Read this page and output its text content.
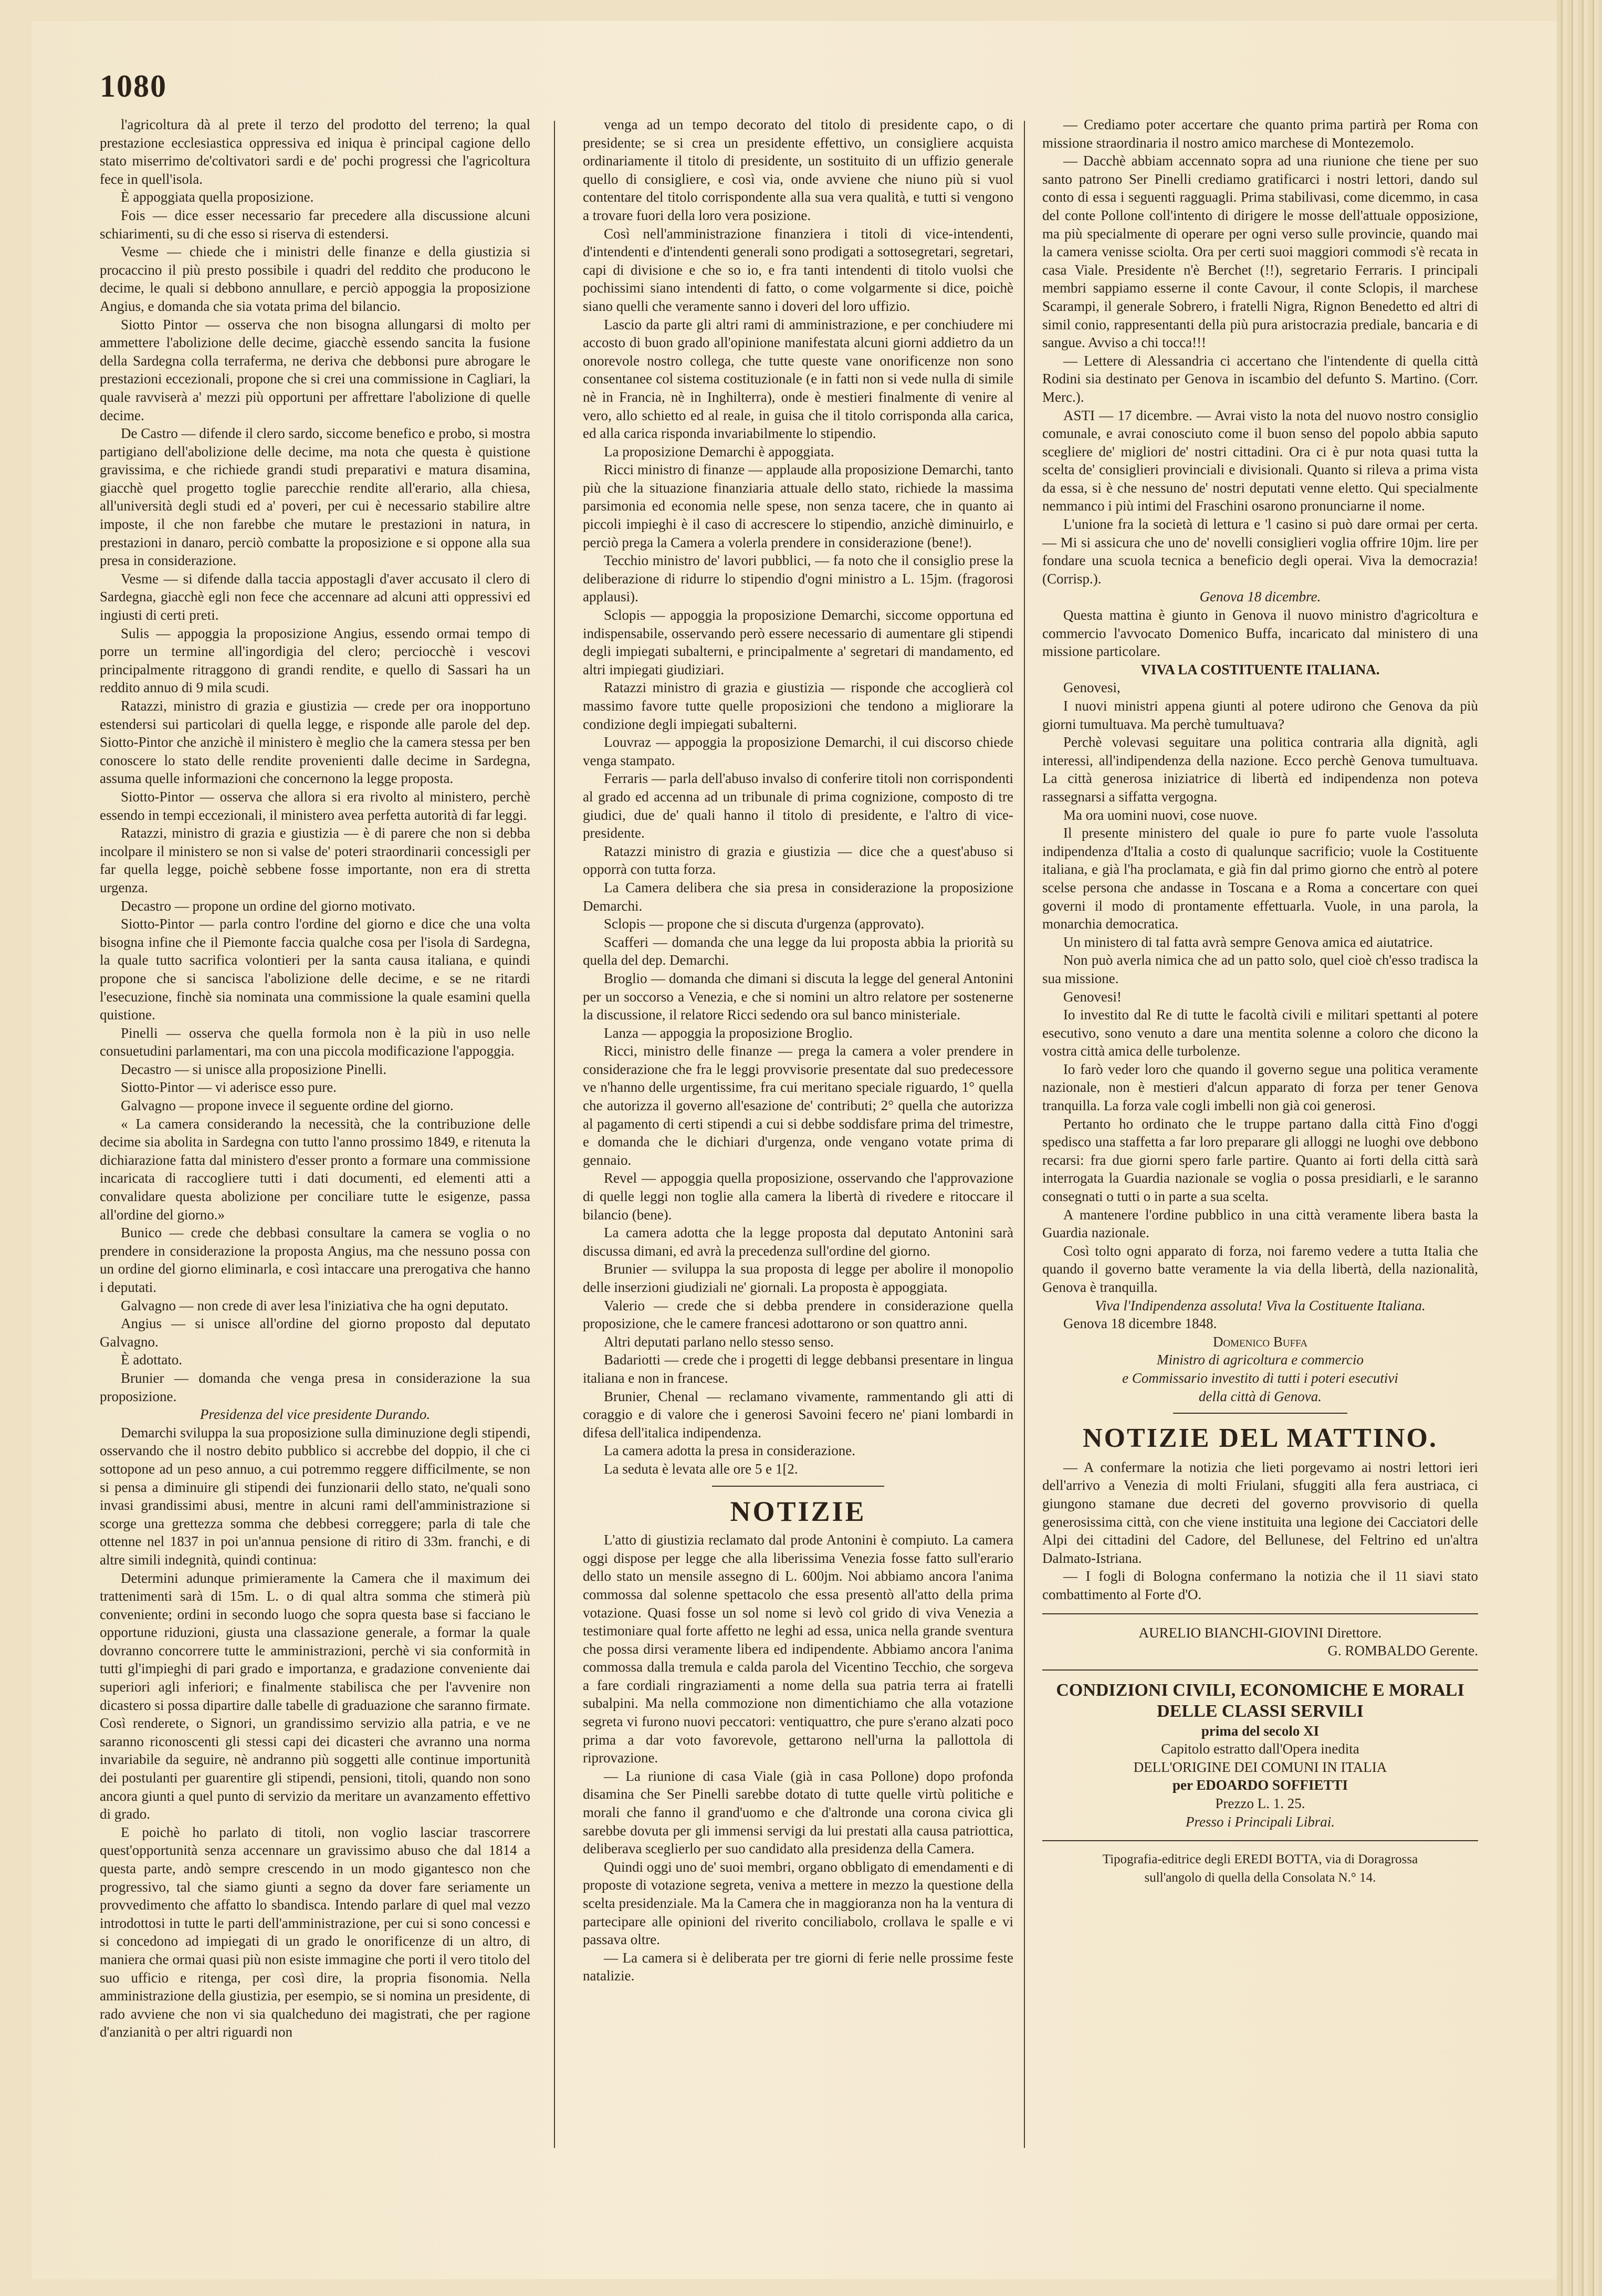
1080

l'agricoltura dà al prete il terzo del prodotto del terreno; la qual prestazione ecclesiastica oppressiva ed iniqua è principal cagione dello stato miserrimo de'coltivatori sardi e de' pochi progressi che l'agricoltura fece in quell'isola.

È appoggiata quella proposizione.

Fois — dice esser necessario far precedere alla discussione alcuni schiarimenti, su di che esso si riserva di estendersi.

Vesme — chiede che i ministri delle finanze e della giustizia si procaccino il più presto possibile i quadri del reddito che producono le decime, le quali si debbono annullare, e perciò appoggia la proposizione Angius, e domanda che sia votata prima del bilancio.

Siotto Pintor — osserva che non bisogna allungarsi di molto per ammettere l'abolizione delle decime, giacchè essendo sancita la fusione della Sardegna colla terraferma, ne deriva che debbonsi pure abrogare le prestazioni eccezionali, propone che si crei una commissione in Cagliari, la quale ravviserà a' mezzi più opportuni per affrettare l'abolizione di quelle decime.

De Castro — difende il clero sardo, siccome benefico e probo, si mostra partigiano dell'abolizione delle decime, ma nota che questa è quistione gravissima, e che richiede grandi studi preparativi e matura disamina, giacchè quel progetto toglie parecchie rendite all'erario, alla chiesa, all'università degli studi ed a' poveri, per cui è necessario stabilire altre imposte, il che non farebbe che mutare le prestazioni in natura, in prestazioni in danaro, perciò combatte la proposizione e si oppone alla sua presa in considerazione.

Vesme — si difende dalla taccia appostagli d'aver accusato il clero di Sardegna, giacchè egli non fece che accennare ad alcuni atti oppressivi ed ingiusti di certi preti.

Sulis — appoggia la proposizione Angius, essendo ormai tempo di porre un termine all'ingordigia del clero; perciocchè i vescovi principalmente ritraggono di grandi rendite, e quello di Sassari ha un reddito annuo di 9 mila scudi.

Ratazzi, ministro di grazia e giustizia — crede per ora inopportuno estendersi sui particolari di quella legge, e risponde alle parole del dep. Siotto-Pintor che anzichè il ministero è meglio che la camera stessa per ben conoscere lo stato delle rendite provenienti dalle decime in Sardegna, assuma quelle informazioni che concernono la legge proposta.

Siotto-Pintor — osserva che allora si era rivolto al ministero, perchè essendo in tempi eccezionali, il ministero avea perfetta autorità di far leggi.

Ratazzi, ministro di grazia e giustizia — è di parere che non si debba incolpare il ministero se non si valse de' poteri straordinarii concessigli per far quella legge, poichè sebbene fosse importante, non era di stretta urgenza.

Decastro — propone un ordine del giorno motivato.

Siotto-Pintor — parla contro l'ordine del giorno e dice che una volta bisogna infine che il Piemonte faccia qualche cosa per l'isola di Sardegna, la quale tutto sacrifica volontieri per la santa causa italiana, e quindi propone che si sancisca l'abolizione delle decime, e se ne ritardi l'esecuzione, finchè sia nominata una commissione la quale esamini quella quistione.

Pinelli — osserva che quella formola non è la più in uso nelle consuetudini parlamentari, ma con una piccola modificazione l'appoggia.

Decastro — si unisce alla proposizione Pinelli.

Siotto-Pintor — vi aderisce esso pure.

Galvagno — propone invece il seguente ordine del giorno.

« La camera considerando la necessità, che la contribuzione delle decime sia abolita in Sardegna con tutto l'anno prossimo 1849, e ritenuta la dichiarazione fatta dal ministero d'esser pronto a formare una commissione incaricata di raccogliere tutti i dati documenti, ed elementi atti a convalidare questa abolizione per conciliare tutte le esigenze, passa all'ordine del giorno.»

Bunico — crede che debbasi consultare la camera se voglia o no prendere in considerazione la proposta Angius, ma che nessuno possa con un ordine del giorno eliminarla, e così intaccare una prerogativa che hanno i deputati.

Galvagno — non crede di aver lesa l'iniziativa che ha ogni deputato.

Angius — si unisce all'ordine del giorno proposto dal deputato Galvagno.

È adottato.

Brunier — domanda che venga presa in considerazione la sua proposizione.

Presidenza del vice presidente Durando.

Demarchi sviluppa la sua proposizione sulla diminuzione degli stipendi, osservando che il nostro debito pubblico si accrebbe del doppio, il che ci sottopone ad un peso annuo, a cui potremmo reggere difficilmente, se non si pensa a diminuire gli stipendi dei funzionarii dello stato, ne'quali sono invasi grandissimi abusi, mentre in alcuni rami dell'amministrazione si scorge una grettezza somma che debbesi correggere; parla di tale che ottenne nel 1837 in poi un'annua pensione di ritiro di 33m. franchi, e di altre simili indegnità, quindi continua:

Determini adunque primieramente la Camera che il maximum dei trattenimenti sarà di 15m. L. o di qual altra somma che stimerà più conveniente; ordini in secondo luogo che sopra questa base si facciano le opportune riduzioni, giusta una classazione generale, a formar la quale dovranno concorrere tutte le amministrazioni, perchè vi sia conformità in tutti gl'impieghi di pari grado e importanza, e gradazione conveniente dai superiori agli inferiori; e finalmente stabilisca che per l'avvenire non dicastero si possa dipartire dalle tabelle di graduazione che saranno firmate. Così renderete, o Signori, un grandissimo servizio alla patria, e ve ne saranno riconoscenti gli stessi capi dei dicasteri che avranno una norma invariabile da seguire, nè andranno più soggetti alle continue importunità dei postulanti per guarentire gli stipendi, pensioni, titoli, quando non sono ancora giunti a quel punto di servizio da meritare un avanzamento effettivo di grado.

E poichè ho parlato di titoli, non voglio lasciar trascorrere quest'opportunità senza accennare un gravissimo abuso che dal 1814 a questa parte, andò sempre crescendo in un modo gigantesco non che progressivo, tal che siamo giunti a segno da dover fare seriamente un provvedimento che affatto lo sbandisca. Intendo parlare di quel mal vezzo introdottosi in tutte le parti dell'amministrazione, per cui si sono concessi e si concedono ad impiegati di un grado le onorificenze di un altro, di maniera che ormai quasi più non esiste immagine che porti il vero titolo del suo ufficio e ritenga, per così dire, la propria fisonomia. Nella amministrazione della giustizia, per esempio, se si nomina un presidente, di rado avviene che non vi sia qualcheduno dei magistrati, che per ragione d'anzianità o per altri riguardi non

venga ad un tempo decorato del titolo di presidente capo, o di presidente; se si crea un presidente effettivo, un consigliere acquista ordinariamente il titolo di presidente, un sostituito di un uffizio generale quello di consigliere, e così via, onde avviene che niuno più si vuol contentare del titolo corrispondente alla sua vera qualità, e tutti si vengono a trovare fuori della loro vera posizione.

Così nell'amministrazione finanziera i titoli di vice-intendenti, d'intendenti e d'intendenti generali sono prodigati a sottosegretari, segretari, capi di divisione e che so io, e fra tanti intendenti di titolo vuolsi che pochissimi siano intendenti di fatto, o come volgarmente si dice, poichè siano quelli che veramente sanno i doveri del loro uffizio.

Lascio da parte gli altri rami di amministrazione, e per conchiudere mi accosto di buon grado all'opinione manifestata alcuni giorni addietro da un onorevole nostro collega, che tutte queste vane onorificenze non sono consentanee col sistema costituzionale (e in fatti non si vede nulla di simile nè in Francia, nè in Inghilterra), onde è mestieri finalmente di venire al vero, allo schietto ed al reale, in guisa che il titolo corrisponda alla carica, ed alla carica risponda invariabilmente lo stipendio.

La proposizione Demarchi è appoggiata.

Ricci ministro di finanze — applaude alla proposizione Demarchi, tanto più che la situazione finanziaria attuale dello stato, richiede la massima parsimonia ed economia nelle spese, non senza tacere, che in quanto ai piccoli impieghi è il caso di accrescere lo stipendio, anzichè diminuirlo, e perciò prega la Camera a volerla prendere in considerazione (bene!).

Tecchio ministro de' lavori pubblici, — fa noto che il consiglio prese la deliberazione di ridurre lo stipendio d'ogni ministro a L. 15jm. (fragorosi applausi).

Sclopis — appoggia la proposizione Demarchi, siccome opportuna ed indispensabile, osservando però essere necessario di aumentare gli stipendi degli impiegati subalterni, e principalmente a' segretari di mandamento, ed altri impiegati giudiziari.

Ratazzi ministro di grazia e giustizia — risponde che accoglierà col massimo favore tutte quelle proposizioni che tendono a migliorare la condizione degli impiegati subalterni.

Louvraz — appoggia la proposizione Demarchi, il cui discorso chiede venga stampato.

Ferraris — parla dell'abuso invalso di conferire titoli non corrispondenti al grado ed accenna ad un tribunale di prima cognizione, composto di tre giudici, due de' quali hanno il titolo di presidente, e l'altro di vice-presidente.

Ratazzi ministro di grazia e giustizia — dice che a quest'abuso si opporrà con tutta forza.

La Camera delibera che sia presa in considerazione la proposizione Demarchi.

Sclopis — propone che si discuta d'urgenza (approvato).

Scafferi — domanda che una legge da lui proposta abbia la priorità su quella del dep. Demarchi.

Broglio — domanda che dimani si discuta la legge del general Antonini per un soccorso a Venezia, e che si nomini un altro relatore per sostenerne la discussione, il relatore Ricci sedendo ora sul banco ministeriale.

Lanza — appoggia la proposizione Broglio.

Ricci, ministro delle finanze — prega la camera a voler prendere in considerazione che fra le leggi provvisorie presentate dal suo predecessore ve n'hanno delle urgentissime, fra cui meritano speciale riguardo, 1° quella che autorizza il governo all'esazione de' contributi; 2° quella che autorizza al pagamento di certi stipendi a cui si debbe soddisfare prima del trimestre, e domanda che le dichiari d'urgenza, onde vengano votate prima di gennaio.

Revel — appoggia quella proposizione, osservando che l'approvazione di quelle leggi non toglie alla camera la libertà di rivedere e ritoccare il bilancio (bene).

La camera adotta che la legge proposta dal deputato Antonini sarà discussa dimani, ed avrà la precedenza sull'ordine del giorno.

Brunier — sviluppa la sua proposta di legge per abolire il monopolio delle inserzioni giudiziali ne' giornali. La proposta è appoggiata.

Valerio — crede che si debba prendere in considerazione quella proposizione, che le camere francesi adottarono or son quattro anni.

Altri deputati parlano nello stesso senso.

Badariotti — crede che i progetti di legge debbansi presentare in lingua italiana e non in francese.

Brunier, Chenal — reclamano vivamente, rammentando gli atti di coraggio e di valore che i generosi Savoini fecero ne' piani lombardi in difesa dell'italica indipendenza.

La camera adotta la presa in considerazione.

La seduta è levata alle ore 5 e 1[2.

NOTIZIE

L'atto di giustizia reclamato dal prode Antonini è compiuto. La camera oggi dispose per legge che alla liberissima Venezia fosse fatto sull'erario dello stato un mensile assegno di L. 600jm. Noi abbiamo ancora l'anima commossa dal solenne spettacolo che essa presentò all'atto della prima votazione. Quasi fosse un sol nome si levò col grido di viva Venezia a testimoniare qual forte affetto ne leghi ad essa, unica nella grande sventura che possa dirsi veramente libera ed indipendente. Abbiamo ancora l'anima commossa dalla tremula e calda parola del Vicentino Tecchio, che sorgeva a fare cordiali ringraziamenti a nome della sua patria terra ai fratelli subalpini. Ma nella commozione non dimentichiamo che alla votazione segreta vi furono nuovi peccatori: ventiquattro, che pure s'erano alzati poco prima a dar voto favorevole, gettarono nell'urna la pallottola di riprovazione.

— La riunione di casa Viale (già in casa Pollone) dopo profonda disamina che Ser Pinelli sarebbe dotato di tutte quelle virtù politiche e morali che fanno il grand'uomo e che d'altronde una corona civica gli sarebbe dovuta per gli immensi servigi da lui prestati alla causa patriottica, deliberava sceglierlo per suo candidato alla presidenza della Camera.

Quindi oggi uno de' suoi membri, organo obbligato di emendamenti e di proposte di votazione segreta, veniva a mettere in mezzo la questione della scelta presidenziale. Ma la Camera che in maggioranza non ha la ventura di partecipare alle opinioni del riverito conciliabolo, crollava le spalle e vi passava oltre.

— La camera si è deliberata per tre giorni di ferie nelle prossime feste natalizie.

— Crediamo poter accertare che quanto prima partirà per Roma con missione straordinaria il nostro amico marchese di Montezemolo.

— Dacchè abbiam accennato sopra ad una riunione che tiene per suo santo patrono Ser Pinelli crediamo gratificarci i nostri lettori, dando sul conto di essa i seguenti ragguagli. Prima stabilivasi, come dicemmo, in casa del conte Pollone coll'intento di dirigere le mosse dell'attuale opposizione, ma più specialmente di operare per ogni verso sulle provincie, quando mai la camera venisse sciolta. Ora per certi suoi maggiori commodi s'è recata in casa Viale. Presidente n'è Berchet (!!), segretario Ferraris. I principali membri sappiamo esserne il conte Cavour, il conte Sclopis, il marchese Scarampi, il generale Sobrero, i fratelli Nigra, Rignon Benedetto ed altri di simil conio, rappresentanti della più pura aristocrazia prediale, bancaria e di sangue. Avviso a chi tocca!!!

— Lettere di Alessandria ci accertano che l'intendente di quella città Rodini sia destinato per Genova in iscambio del defunto S. Martino. (Corr. Merc.).

ASTI — 17 dicembre. — Avrai visto la nota del nuovo nostro consiglio comunale, e avrai conosciuto come il buon senso del popolo abbia saputo scegliere de' migliori de' nostri cittadini. Ora ci è pur nota quasi tutta la scelta de' consiglieri provinciali e divisionali. Quanto si rileva a prima vista da essa, si è che nessuno de' nostri deputati venne eletto. Qui specialmente nemmanco i più intimi del Fraschini osarono pronunciarne il nome.

L'unione fra la società di lettura e 'l casino si può dare ormai per certa. — Mi si assicura che uno de' novelli consiglieri voglia offrire 10jm. lire per fondare una scuola tecnica a beneficio degli operai. Viva la democrazia! (Corrisp.).

Genova 18 dicembre.

Questa mattina è giunto in Genova il nuovo ministro d'agricoltura e commercio l'avvocato Domenico Buffa, incaricato dal ministero di una missione particolare.

VIVA LA COSTITUENTE ITALIANA.

Genovesi,

I nuovi ministri appena giunti al potere udirono che Genova da più giorni tumultuava. Ma perchè tumultuava?

Perchè volevasi seguitare una politica contraria alla dignità, agli interessi, all'indipendenza della nazione. Ecco perchè Genova tumultuava. La città generosa iniziatrice di libertà ed indipendenza non poteva rassegnarsi a siffatta vergogna.

Ma ora uomini nuovi, cose nuove.

Il presente ministero del quale io pure fo parte vuole l'assoluta indipendenza d'Italia a costo di qualunque sacrificio; vuole la Costituente italiana, e già l'ha proclamata, e già fin dal primo giorno che entrò al potere scelse persona che andasse in Toscana e a Roma a concertare con quei governi il modo di prontamente effettuarla. Vuole, in una parola, la monarchia democratica.

Un ministero di tal fatta avrà sempre Genova amica ed aiutatrice.

Non può averla nimica che ad un patto solo, quel cioè ch'esso tradisca la sua missione.

Genovesi!

Io investito dal Re di tutte le facoltà civili e militari spettanti al potere esecutivo, sono venuto a dare una mentita solenne a coloro che dicono la vostra città amica delle turbolenze.

Io farò veder loro che quando il governo segue una politica veramente nazionale, non è mestieri d'alcun apparato di forza per tener Genova tranquilla. La forza vale cogli imbelli non già coi generosi.

Pertanto ho ordinato che le truppe partano dalla città Fino d'oggi spedisco una staffetta a far loro preparare gli alloggi ne luoghi ove debbono recarsi: fra due giorni spero farle partire. Quanto ai forti della città sarà interrogata la Guardia nazionale se voglia o possa presidiarli, e le saranno consegnati o tutti o in parte a sua scelta.

A mantenere l'ordine pubblico in una città veramente libera basta la Guardia nazionale.

Così tolto ogni apparato di forza, noi faremo vedere a tutta Italia che quando il governo batte veramente la via della libertà, della nazionalità, Genova è tranquilla.

Viva l'Indipendenza assoluta! Viva la Costituente Italiana.

Genova 18 dicembre 1848.

Domenico Buffa

Ministro di agricoltura e commercio

e Commissario investito di tutti i poteri esecutivi

della città di Genova.

NOTIZIE DEL MATTINO.

— A confermare la notizia che lieti porgevamo ai nostri lettori ieri dell'arrivo a Venezia di molti Friulani, sfuggiti alla fera austriaca, ci giungono stamane due decreti del governo provvisorio di quella generosissima città, con che viene instituita una legione dei Cacciatori delle Alpi dei cittadini del Cadore, del Bellunese, del Feltrino ed un'altra Dalmato-Istriana.

— I fogli di Bologna confermano la notizia che il 11 siavi stato combattimento al Forte d'O.

AURELIO BIANCHI-GIOVINI Direttore.

G. ROMBALDO Gerente.

CONDIZIONI CIVILI, ECONOMICHE E MORALI DELLE CLASSI SERVILI

prima del secolo XI

Capitolo estratto dall'Opera inedita

DELL'ORIGINE DEI COMUNI IN ITALIA

per EDOARDO SOFFIETTI

Prezzo L. 1. 25.

Presso i Principali Librai.

Tipografia-editrice degli EREDI BOTTA, via di Doragrossa

sull'angolo di quella della Consolata N.° 14.
